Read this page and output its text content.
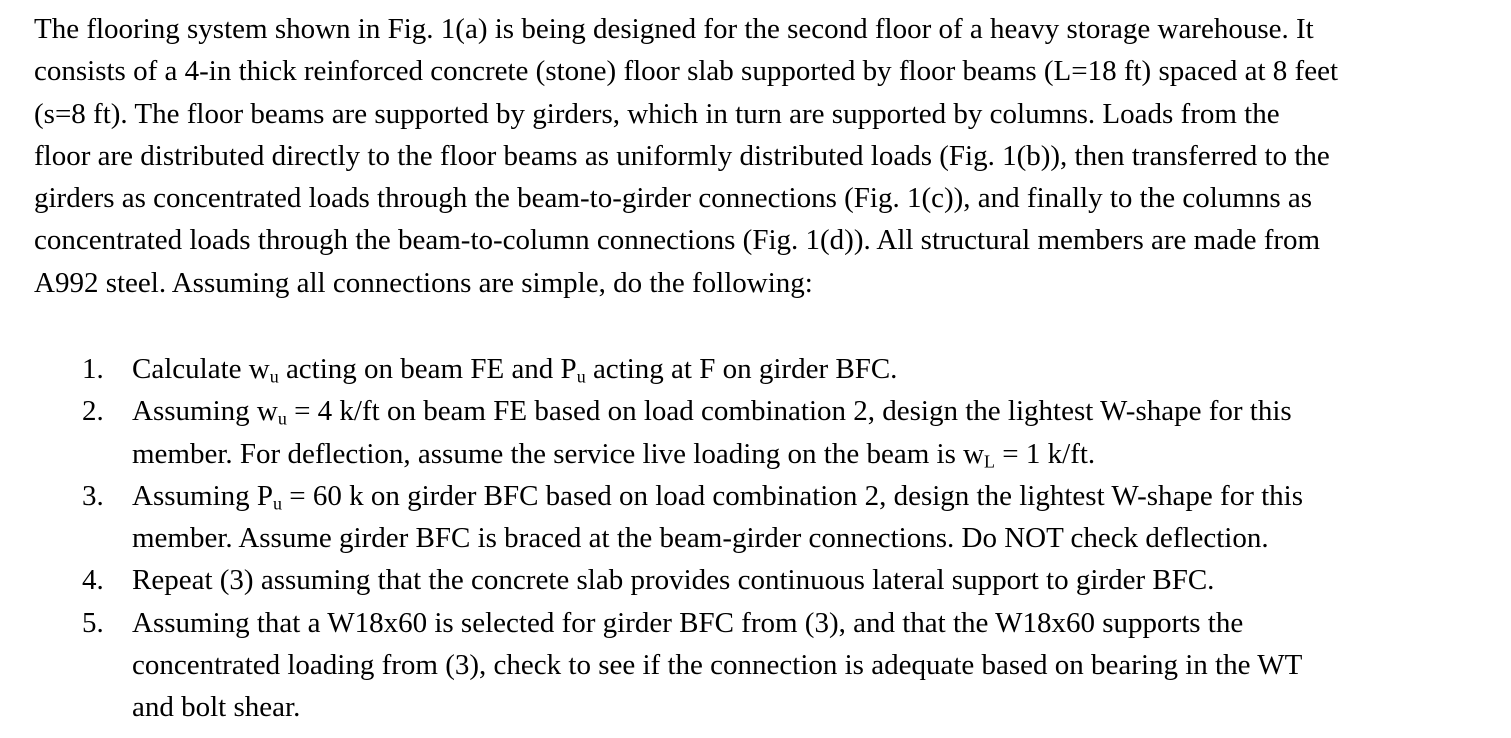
The flooring system shown in Fig. 1(a) is being designed for the second floor of a heavy storage warehouse. It
consists of a 4-in thick reinforced concrete (stone) floor slab supported by floor beams (L=18 ft) spaced at 8 feet
(s=8 ft). The floor beams are supported by girders, which in turn are supported by columns. Loads from the
floor are distributed directly to the floor beams as uniformly distributed loads (Fig. 1(b)), then transferred to the
girders as concentrated loads through the beam-to-girder connections (Fig. 1(c)), and finally to the columns as
concentrated loads through the beam-to-column connections (Fig. 1(d)). All structural members are made from
A992 steel. Assuming all connections are simple, do the following:

1. Calculate $w_u$ acting on beam FE and $P_u$ acting at F on girder BFC.
2. Assuming $w_u = 4$ k/ft on beam FE based on load combination 2, design the lightest W-shape for this
member. For deflection, assume the service live loading on the beam is $w_L = 1$ k/ft.
3. Assuming $P_u = 60$ k on girder BFC based on load combination 2, design the lightest W-shape for this
member. Assume girder BFC is braced at the beam-girder connections. Do NOT check deflection.
4. Repeat (3) assuming that the concrete slab provides continuous lateral support to girder BFC.
5. Assuming that a W18x60 is selected for girder BFC from (3), and that the W18x60 supports the
concentrated loading from (3), check to see if the connection is adequate based on bearing in the WT
and bolt shear.
